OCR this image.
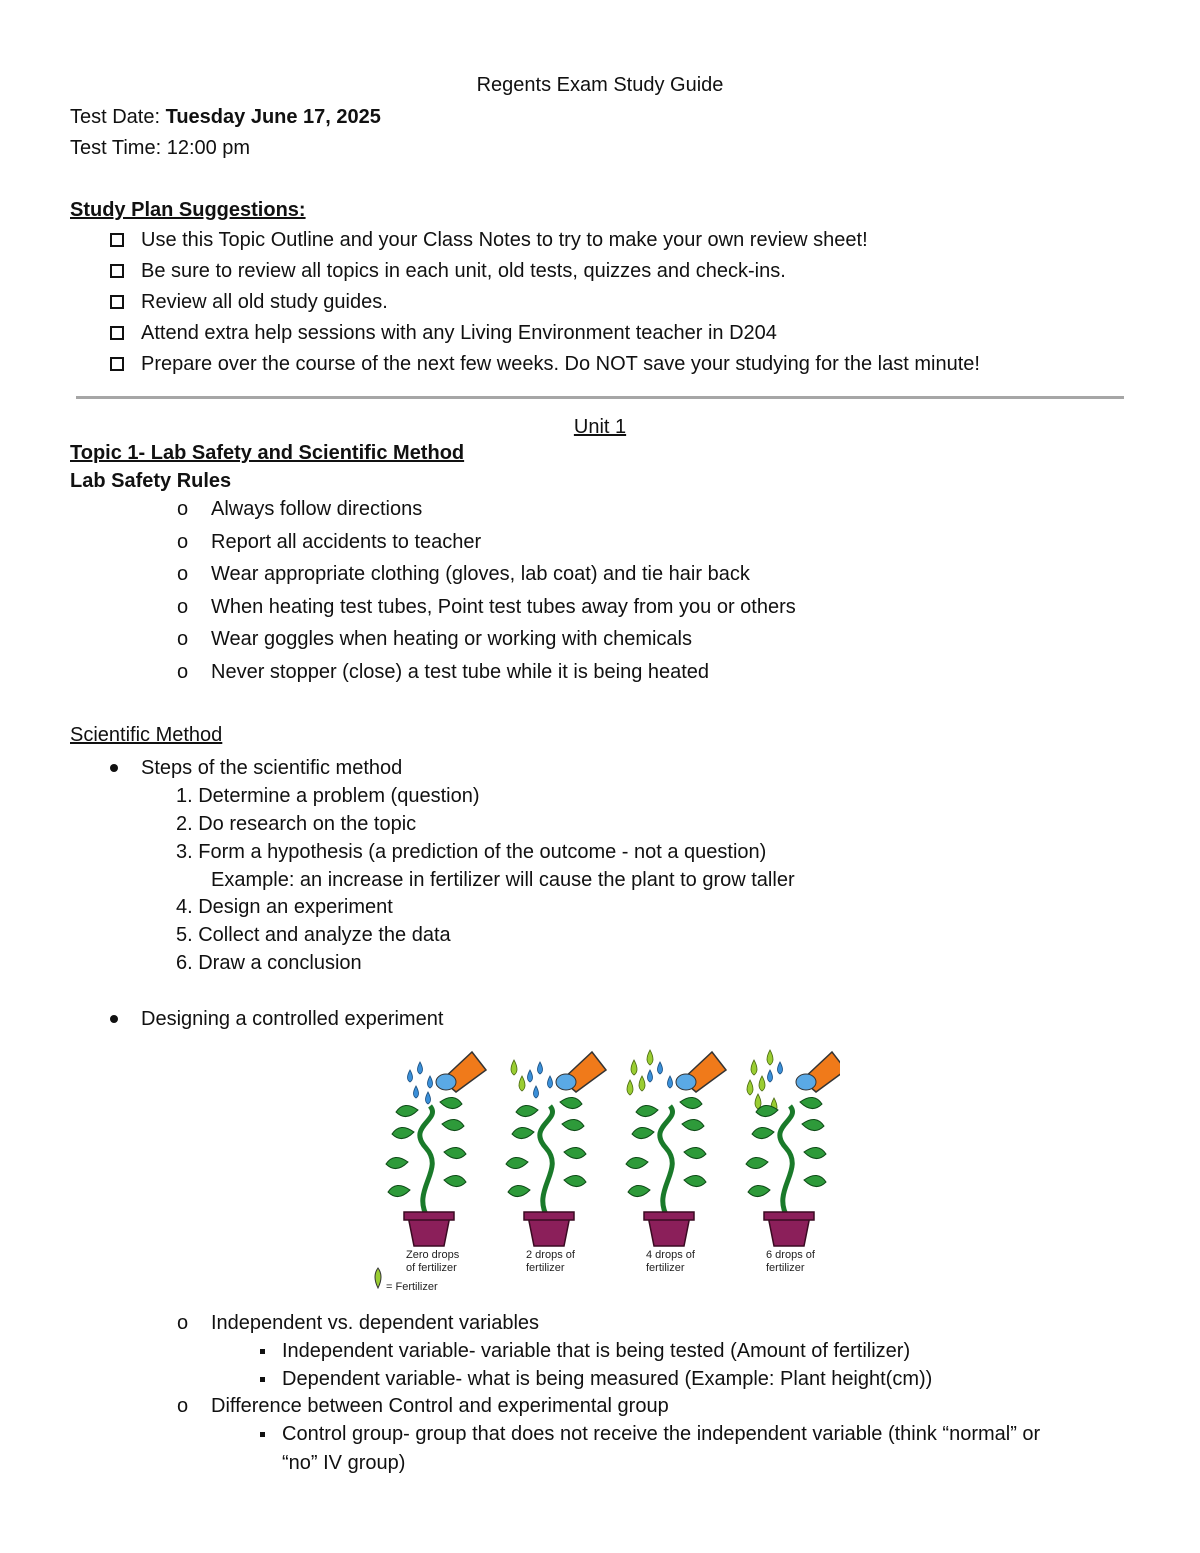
Regents Exam Study Guide
Test Date: Tuesday June 17, 2025
Test Time: 12:00 pm
Study Plan Suggestions:
Use this Topic Outline and your Class Notes to try to make your own review sheet!
Be sure to review all topics in each unit, old tests, quizzes and check-ins.
Review all old study guides.
Attend extra help sessions with any Living Environment teacher in D204
Prepare over the course of the next few weeks. Do NOT save your studying for the last minute!
Unit 1
Topic 1- Lab Safety and Scientific Method
Lab Safety Rules
o Always follow directions
o Report all accidents to teacher
o Wear appropriate clothing (gloves, lab coat) and tie hair back
o When heating test tubes, Point test tubes away from you or others
o Wear goggles when heating or working with chemicals
o Never stopper (close) a test tube while it is being heated
Scientific Method
Steps of the scientific method
1. Determine a problem (question)
2. Do research on the topic
3. Form a hypothesis (a prediction of the outcome - not a question)
Example: an increase in fertilizer will cause the plant to grow taller
4. Design an experiment
5. Collect and analyze the data
6. Draw a conclusion
Designing a controlled experiment
Zero drops
of fertilizer
2 drops of
fertilizer
4 drops of
fertilizer
6 drops of
fertilizer
= Fertilizer
o Independent vs. dependent variables
Independent variable- variable that is being tested (Amount of fertilizer)
Dependent variable- what is being measured (Example: Plant height(cm))
o Difference between Control and experimental group
Control group- group that does not receive the independent variable (think “normal” or
“no” IV group)
